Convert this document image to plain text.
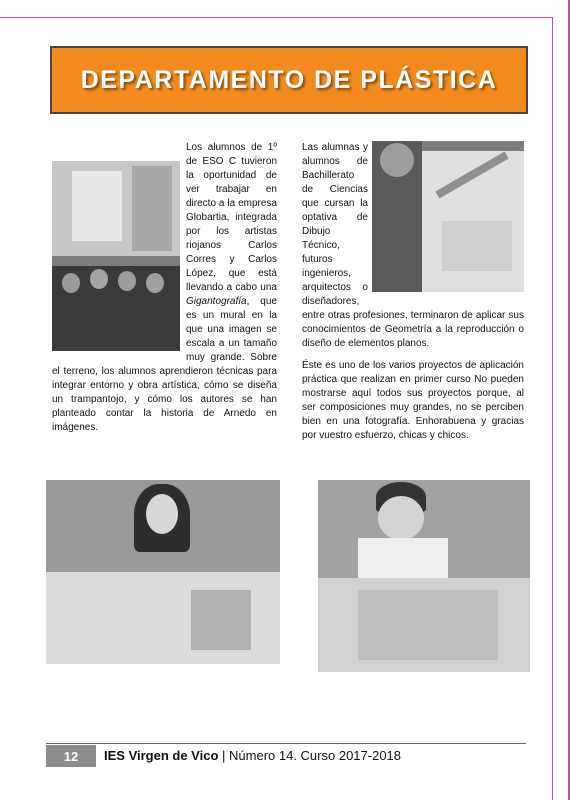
DEPARTAMENTO DE PLÁSTICA

Los alumnos de 1º de ESO C tuvieron la oportunidad de ver trabajar en directo a la empresa Globartia, integrada por los artistas riojanos Carlos Corres y Carlos López, que está llevando a cabo una Gigantografía, que es un mural en la que una imagen se escala a un tamaño muy grande. Sobre el terreno, los alumnos aprendieron técnicas para integrar entorno y obra artística, cómo se diseña un trampantojo, y cómo los autores se han planteado contar la historia de Arnedo en imágenes.

Las alumnas y alumnos de Bachillerato de Ciencias que cursan la optativa de Dibujo Técnico, futuros ingenieros, arquitectos o diseñadores, entre otras profesiones, terminaron de aplicar sus conocimientos de Geometría a la reproducción o diseño de elementos planos.

Éste es uno de los varios proyectos de aplicación práctica que realizan en primer curso No pueden mostrarse aquí todos sus proyectos porque, al ser composiciones muy grandes, no se perciben bien en una fotografía. Enhorabuena y gracias por vuestro esfuerzo, chicas y chicos.

12	IES Virgen de Vico | Número 14. Curso 2017-2018
